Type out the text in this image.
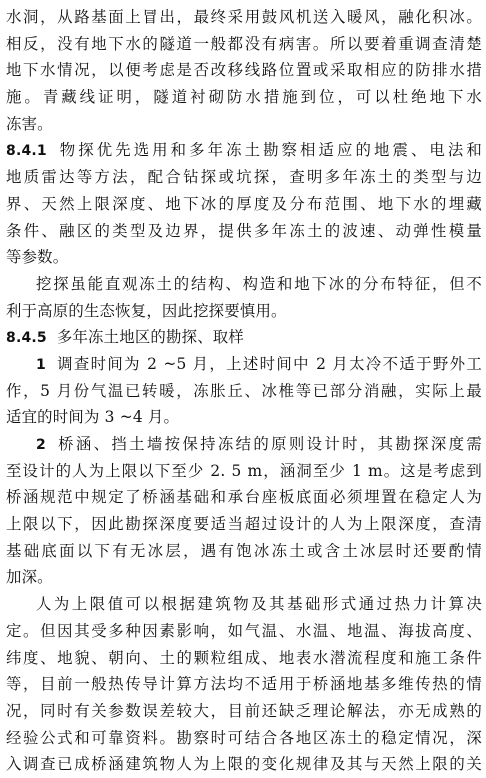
水洞，从路基面上冒出，最终采用鼓风机送入暖风，融化积冰。
相反，没有地下水的隧道一般都没有病害。所以要着重调查清楚
地下水情况，以便考虑是否改移线路位置或采取相应的防排水措
施。青藏线证明，隧道衬砌防水措施到位，可以杜绝地下水
冻害。
8.4.1 物探优先选用和多年冻土勘察相适应的地震、电法和
地质雷达等方法，配合钻探或坑探，查明多年冻土的类型与边
界、天然上限深度、地下冰的厚度及分布范围、地下水的埋藏
条件、融区的类型及边界，提供多年冻土的波速、动弹性模量
等参数。
挖探虽能直观冻土的结构、构造和地下冰的分布特征，但不
利于高原的生态恢复，因此挖探要慎用。
8.4.5 多年冻土地区的勘探、取样
1 调查时间为 2 ~5 月，上述时间中 2 月太冷不适于野外工
作，5 月份气温已转暖，冻胀丘、冰椎等已部分消融，实际上最
适宜的时间为 3 ~4 月。
2 桥涵、挡土墙按保持冻结的原则设计时，其勘探深度需
至设计的人为上限以下至少 2. 5 m，涵洞至少 1 m。这是考虑到
桥涵规范中规定了桥涵基础和承台座板底面必须埋置在稳定人为
上限以下，因此勘探深度要适当超过设计的人为上限深度，查清
基础底面以下有无冰层，遇有饱冰冻土或含土冰层时还要酌情
加深。
人为上限值可以根据建筑物及其基础形式通过热力计算决
定。但因其受多种因素影响，如气温、水温、地温、海拔高度、
纬度、地貌、朝向、土的颗粒组成、地表水潜流程度和施工条件
等，目前一般热传导计算方法均不适用于桥涵地基多维传热的情
况，同时有关参数误差较大，目前还缺乏理论解法，亦无成熟的
经验公式和可靠资料。勘察时可结合各地区冻土的稳定情况，深
入调查已成桥涵建筑物人为上限的变化规律及其与天然上限的关
